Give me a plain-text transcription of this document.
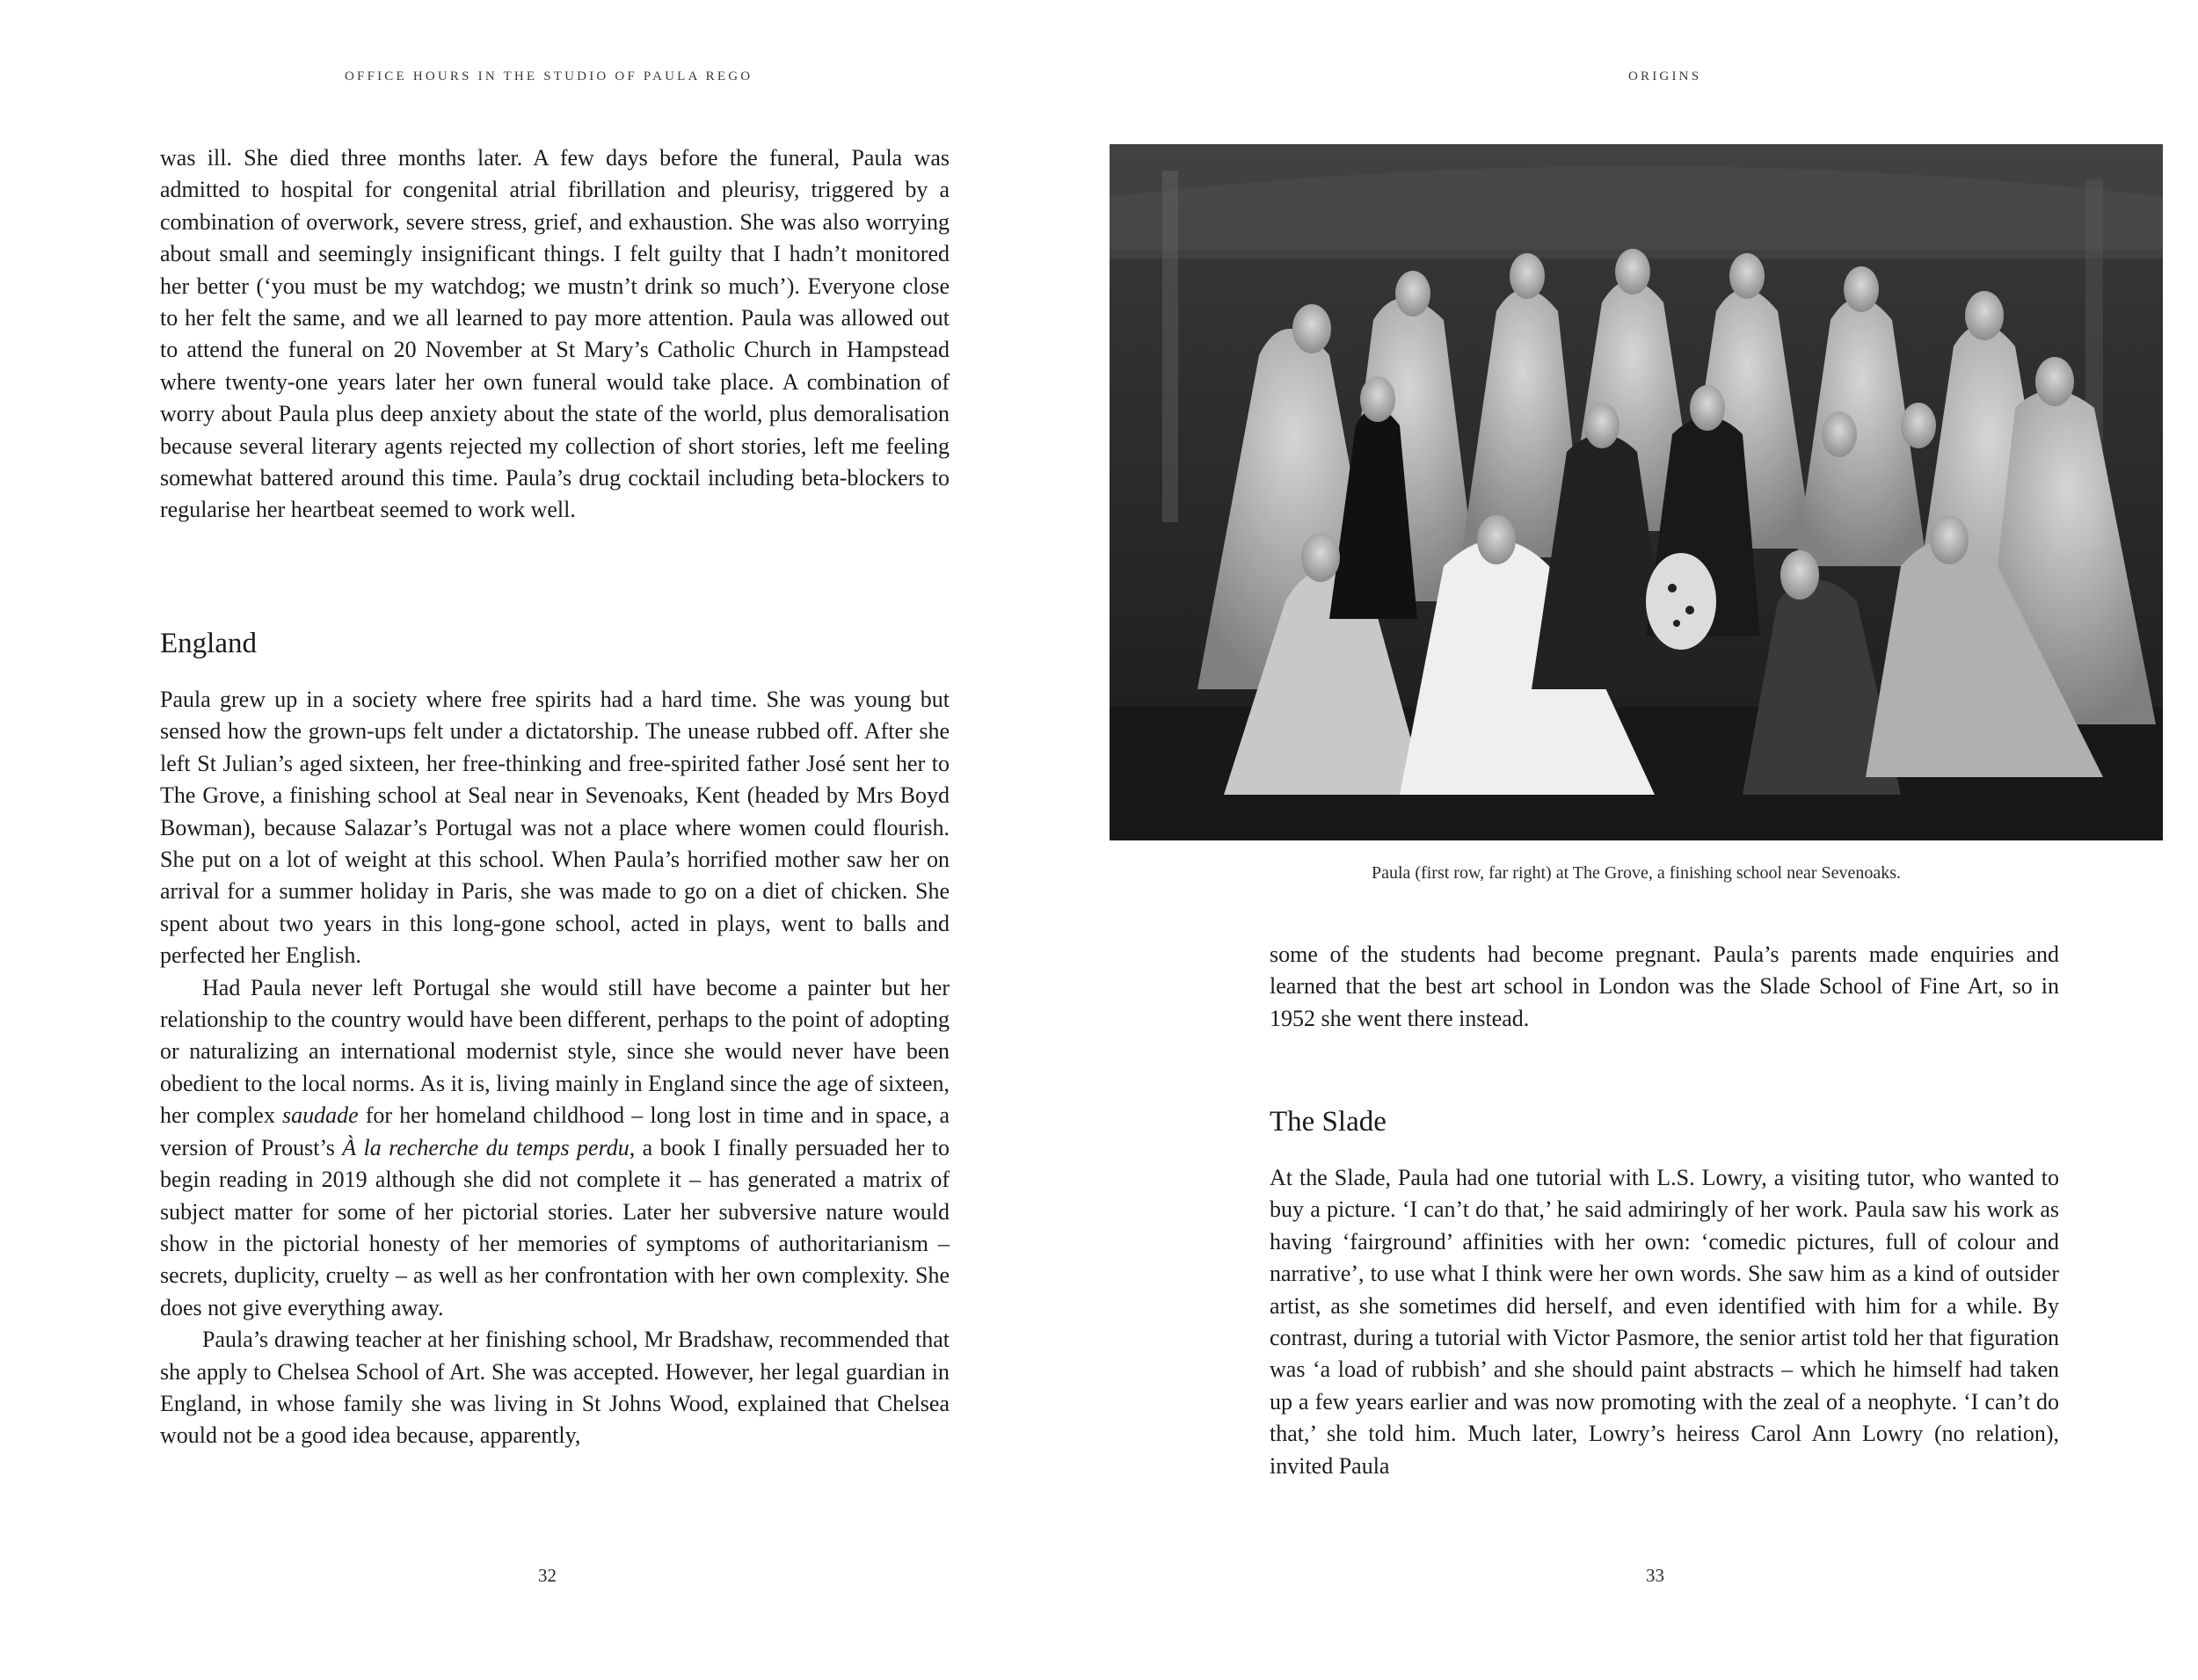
OFFICE HOURS IN THE STUDIO OF PAULA REGO

was ill. She died three months later. A few days before the funeral, Paula was admitted to hospital for congenital atrial fibrillation and pleurisy, triggered by a combination of overwork, severe stress, grief, and exhaustion. She was also worrying about small and seemingly insignificant things. I felt guilty that I hadn’t monitored her better (‘you must be my watchdog; we mustn’t drink so much’). Everyone close to her felt the same, and we all learned to pay more attention. Paula was allowed out to attend the funeral on 20 November at St Mary’s Catholic Church in Hampstead where twenty-one years later her own funeral would take place. A combination of worry about Paula plus deep anxiety about the state of the world, plus demoralisation because several literary agents rejected my collection of short stories, left me feeling somewhat battered around this time. Paula’s drug cocktail including beta-blockers to regularise her heartbeat seemed to work well.

England

Paula grew up in a society where free spirits had a hard time. She was young but sensed how the grown-ups felt under a dictatorship. The unease rubbed off. After she left St Julian’s aged sixteen, her free-thinking and free-spirited father José sent her to The Grove, a finishing school at Seal near in Sevenoaks, Kent (headed by Mrs Boyd Bowman), because Salazar’s Portugal was not a place where women could flourish. She put on a lot of weight at this school. When Paula’s horrified mother saw her on arrival for a summer holiday in Paris, she was made to go on a diet of chicken. She spent about two years in this long-gone school, acted in plays, went to balls and perfected her English.

Had Paula never left Portugal she would still have become a painter but her relationship to the country would have been different, perhaps to the point of adopting or naturalizing an international modernist style, since she would never have been obedient to the local norms. As it is, living mainly in England since the age of sixteen, her complex saudade for her homeland childhood – long lost in time and in space, a version of Proust’s À la recherche du temps perdu, a book I finally persuaded her to begin reading in 2019 although she did not complete it – has generated a matrix of subject matter for some of her pictorial stories. Later her subversive nature would show in the pictorial honesty of her memories of symptoms of authoritarianism – secrets, duplicity, cruelty – as well as her confrontation with her own complexity. She does not give everything away.

Paula’s drawing teacher at her finishing school, Mr Bradshaw, recommended that she apply to Chelsea School of Art. She was accepted. However, her legal guardian in England, in whose family she was living in St Johns Wood, explained that Chelsea would not be a good idea because, apparently,

32
ORIGINS
33
Paula (first row, far right) at The Grove, a finishing school near Sevenoaks.

some of the students had become pregnant. Paula’s parents made enquiries and learned that the best art school in London was the Slade School of Fine Art, so in 1952 she went there instead.

The Slade

At the Slade, Paula had one tutorial with L.S. Lowry, a visiting tutor, who wanted to buy a picture. ‘I can’t do that,’ he said admiringly of her work. Paula saw his work as having ‘fairground’ affinities with her own: ‘comedic pictures, full of colour and narrative’, to use what I think were her own words. She saw him as a kind of outsider artist, as she sometimes did herself, and even identified with him for a while. By contrast, during a tutorial with Victor Pasmore, the senior artist told her that figuration was ‘a load of rubbish’ and she should paint abstracts – which he himself had taken up a few years earlier and was now promoting with the zeal of a neophyte. ‘I can’t do that,’ she told him. Much later, Lowry’s heiress Carol Ann Lowry (no relation), invited Paula
